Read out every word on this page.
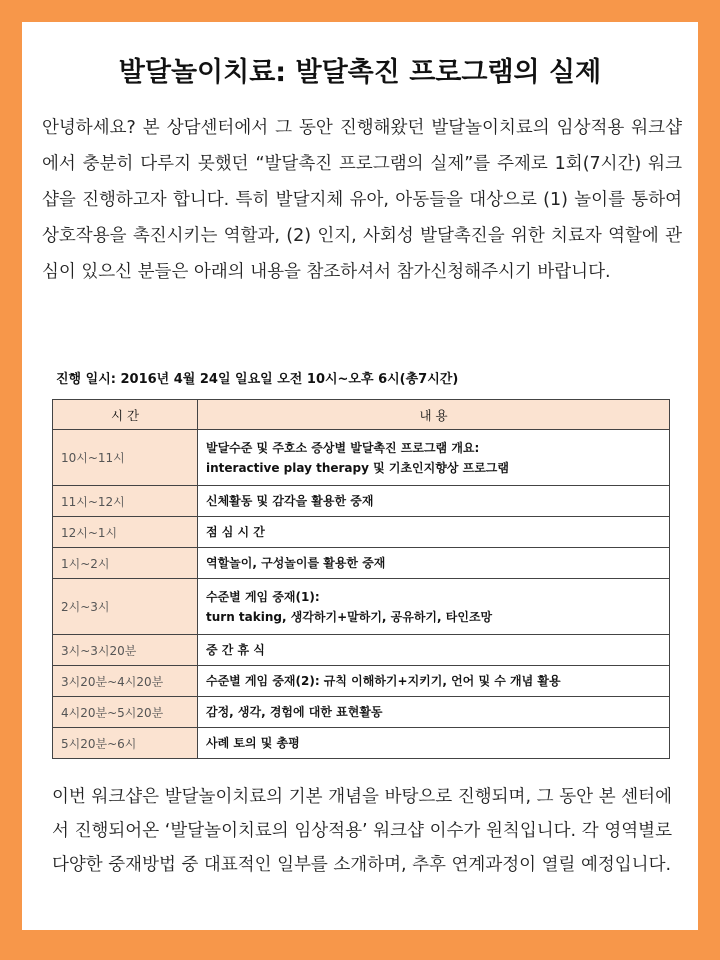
발달놀이치료: 발달촉진 프로그램의 실제
안녕하세요? 본 상담센터에서 그 동안 진행해왔던 발달놀이치료의 임상적용 워크샵에서 충분히 다루지 못했던 “발달촉진 프로그램의 실제”를 주제로 1회(7시간) 워크샵을 진행하고자 합니다. 특히 발달지체 유아, 아동들을 대상으로 (1) 놀이를 통하여 상호작용을 촉진시키는 역할과, (2) 인지, 사회성 발달촉진을 위한 치료자 역할에 관심이 있으신 분들은 아래의 내용을 참조하셔서 참가신청해주시기 바랍니다.
진행 일시: 2016년 4월 24일 일요일 오전 10시~오후 6시(총7시간)
시 간	내 용
10시~11시	발달수준 및 주호소 증상별 발달촉진 프로그램 개요:
interactive play therapy 및 기초인지향상 프로그램

11시~12시	신체활동 및 감각을 활용한 중재

12시~1시	점 심 시 간

1시~2시	역할놀이, 구성놀이를 활용한 중재

2시~3시	수준별 게임 중재(1):
turn taking, 생각하기+말하기, 공유하기, 타인조망

3시~3시20분	중 간 휴 식

3시20분~4시20분	수준별 게임 중재(2): 규칙 이해하기+지키기, 언어 및 수 개념 활용

4시20분~5시20분	감정, 생각, 경험에 대한 표현활동

5시20분~6시	사례 토의 및 총평
이번 워크샵은 발달놀이치료의 기본 개념을 바탕으로 진행되며, 그 동안 본 센터에서 진행되어온 ‘발달놀이치료의 임상적용’ 워크샵 이수가 원칙입니다. 각 영역별로 다양한 중재방법 중 대표적인 일부를 소개하며, 추후 연계과정이 열릴 예정입니다.
